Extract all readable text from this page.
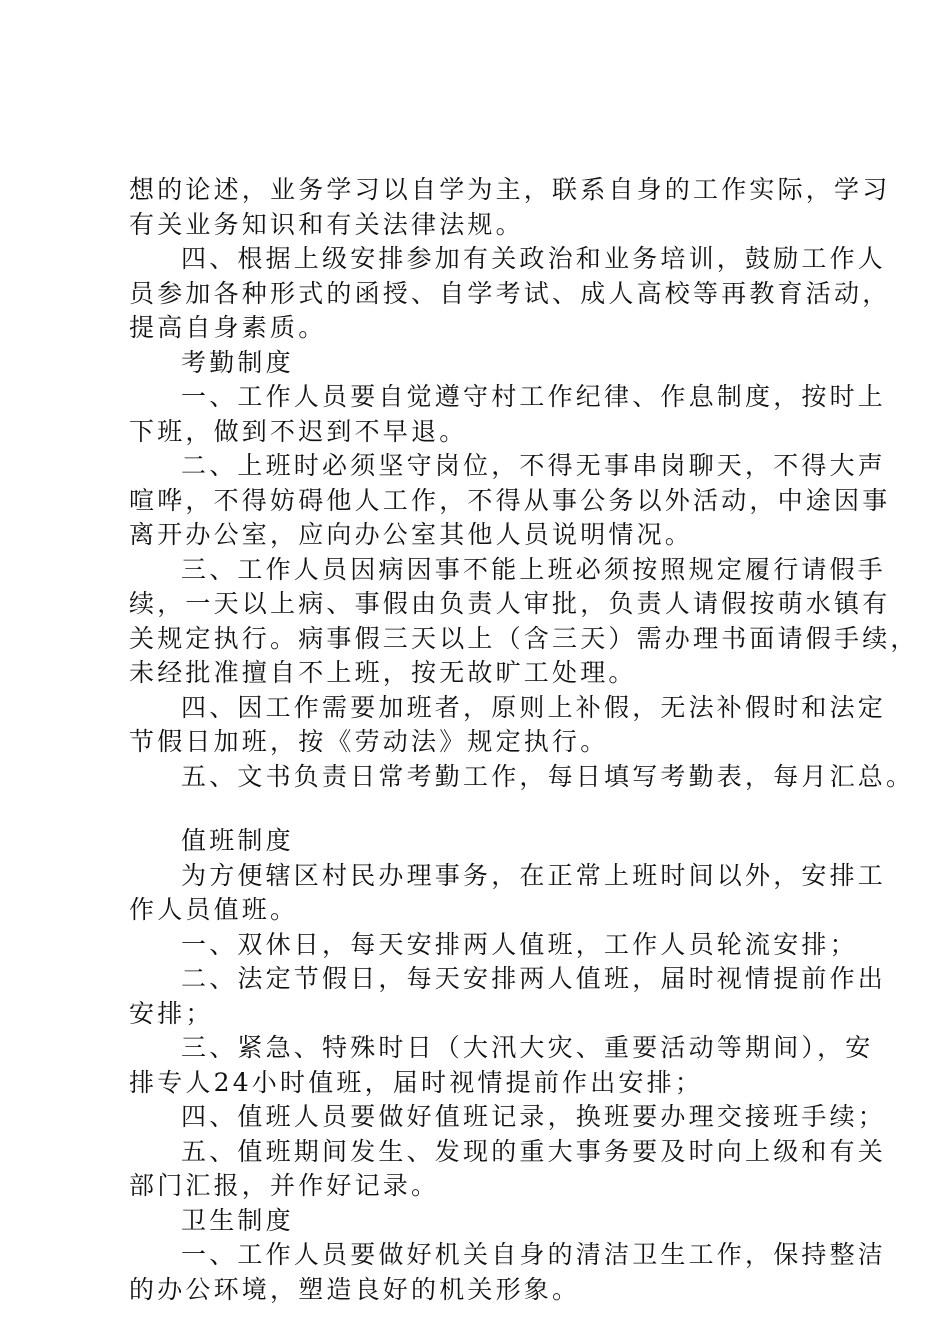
想的论述，业务学习以自学为主，联系自身的工作实际，学习
有关业务知识和有关法律法规。
四、根据上级安排参加有关政治和业务培训，鼓励工作人
员参加各种形式的函授、自学考试、成人高校等再教育活动，
提高自身素质。
考勤制度
一、工作人员要自觉遵守村工作纪律、作息制度，按时上
下班，做到不迟到不早退。
二、上班时必须坚守岗位，不得无事串岗聊天，不得大声
喧哗，不得妨碍他人工作，不得从事公务以外活动，中途因事
离开办公室，应向办公室其他人员说明情况。
三、工作人员因病因事不能上班必须按照规定履行请假手
续，一天以上病、事假由负责人审批，负责人请假按萌水镇有
关规定执行。病事假三天以上（含三天）需办理书面请假手续，
未经批准擅自不上班，按无故旷工处理。
四、因工作需要加班者，原则上补假，无法补假时和法定
节假日加班，按《劳动法》规定执行。
五、文书负责日常考勤工作，每日填写考勤表，每月汇总。
值班制度
为方便辖区村民办理事务，在正常上班时间以外，安排工
作人员值班。
一、双休日，每天安排两人值班，工作人员轮流安排；
二、法定节假日，每天安排两人值班，届时视情提前作出
安排；
三、紧急、特殊时日（大汛大灾、重要活动等期间），安
排专人24小时值班，届时视情提前作出安排；
四、值班人员要做好值班记录，换班要办理交接班手续；
五、值班期间发生、发现的重大事务要及时向上级和有关
部门汇报，并作好记录。
卫生制度
一、工作人员要做好机关自身的清洁卫生工作，保持整洁
的办公环境，塑造良好的机关形象。
